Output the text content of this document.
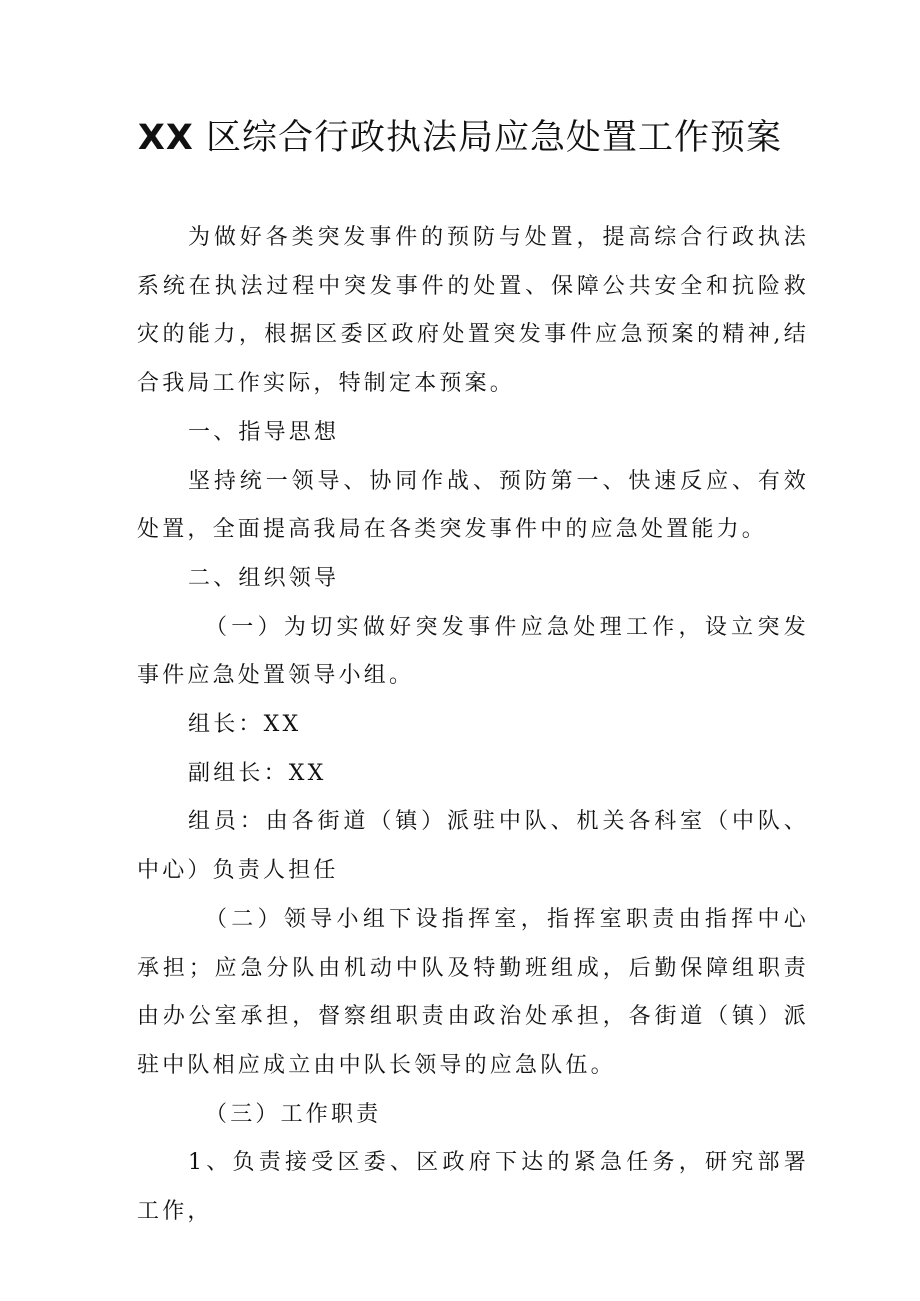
XX 区综合行政执法局应急处置工作预案

为做好各类突发事件的预防与处置，提高综合行政执法系统在执法过程中突发事件的处置、保障公共安全和抗险救灾的能力，根据区委区政府处置突发事件应急预案的精神,结合我局工作实际，特制定本预案。

一、指导思想

坚持统一领导、协同作战、预防第一、快速反应、有效处置，全面提高我局在各类突发事件中的应急处置能力。

二、组织领导

（一）为切实做好突发事件应急处理工作，设立突发事件应急处置领导小组。

组长：XX

副组长：XX

组员：由各街道（镇）派驻中队、机关各科室（中队、中心）负责人担任

（二）领导小组下设指挥室，指挥室职责由指挥中心承担；应急分队由机动中队及特勤班组成，后勤保障组职责由办公室承担，督察组职责由政治处承担，各街道（镇）派驻中队相应成立由中队长领导的应急队伍。

（三）工作职责

1、负责接受区委、区政府下达的紧急任务，研究部署工作，
